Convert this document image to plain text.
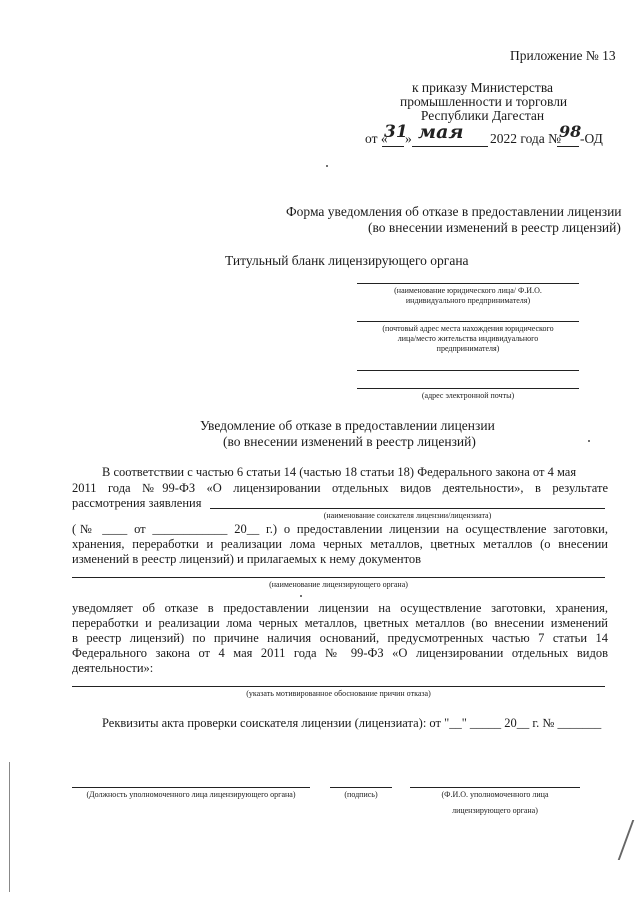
Приложение № 13
к приказу Министерства
промышленности и торговли
Республики Дагестан
от «
31
» мая 2022 года №
98
-ОД
Форма уведомления об отказе в предоставлении лицензии
(во внесении изменений в реестр лицензий)
Титульный бланк лицензирующего органа
(наименование юридического лица/ Ф.И.О.
индивидуального предпринимателя)
(почтовый адрес места нахождения юридического
лица/место жительства индивидуального
предпринимателя)
(адрес электронной почты)
Уведомление об отказе в предоставлении лицензии
(во внесении изменений в реестр лицензий)
В соответствии с частью 6 статьи 14 (частью 18 статьи 18) Федерального закона от 4 мая
2011 года №99-ФЗ «О лицензировании отдельных видов деятельности», в результате
рассмотрения заявления
(наименование соискателя лицензии/лицензиата)
(№ ____ от ____________ 20__ г.) о предоставлении лицензии на осуществление заготовки,
хранения, переработки и реализации лома черных металлов, цветных металлов (о внесении
изменений в реестр лицензий) и прилагаемых к нему документов
(наименование лицензирующего органа)
уведомляет об отказе в предоставлении лицензии на осуществление заготовки, хранения,
переработки и реализации лома черных металлов, цветных металлов (во внесении изменений
в реестр лицензий) по причине наличия оснований, предусмотренных частью 7 статьи 14
Федерального закона от 4 мая 2011 года № 99-ФЗ «О лицензировании отдельных видов
деятельности»:
(указать мотивированное обоснование причин отказа)
Реквизиты акта проверки соискателя лицензии (лицензиата): от "__" _____ 20__ г. № _______
(Должность уполномоченного лица лицензирующего органа)	(подпись)	(Ф.И.О. уполномоченного лица
лицензирующего органа)
